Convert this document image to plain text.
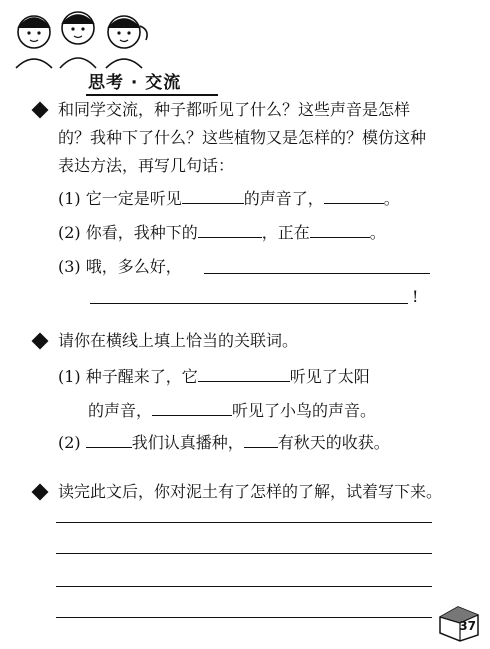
思考 · 交流
和同学交流，种子都听见了什么？这些声音是怎样
的？我种下了什么？这些植物又是怎样的？模仿这种
表达方法，再写几句话：
(1) 它一定是听见	的声音了，	。
(2) 你看，我种下的	，正在	。
(3) 哦，多么好，
!
请你在横线上填上恰当的关联词。
(1) 种子醒来了，它	听见了太阳
的声音，	听见了小鸟的声音。
(2)	我们认真播种， 有秋天的收获。
读完此文后，你对泥土有了怎样的了解，试着写下来。
37
